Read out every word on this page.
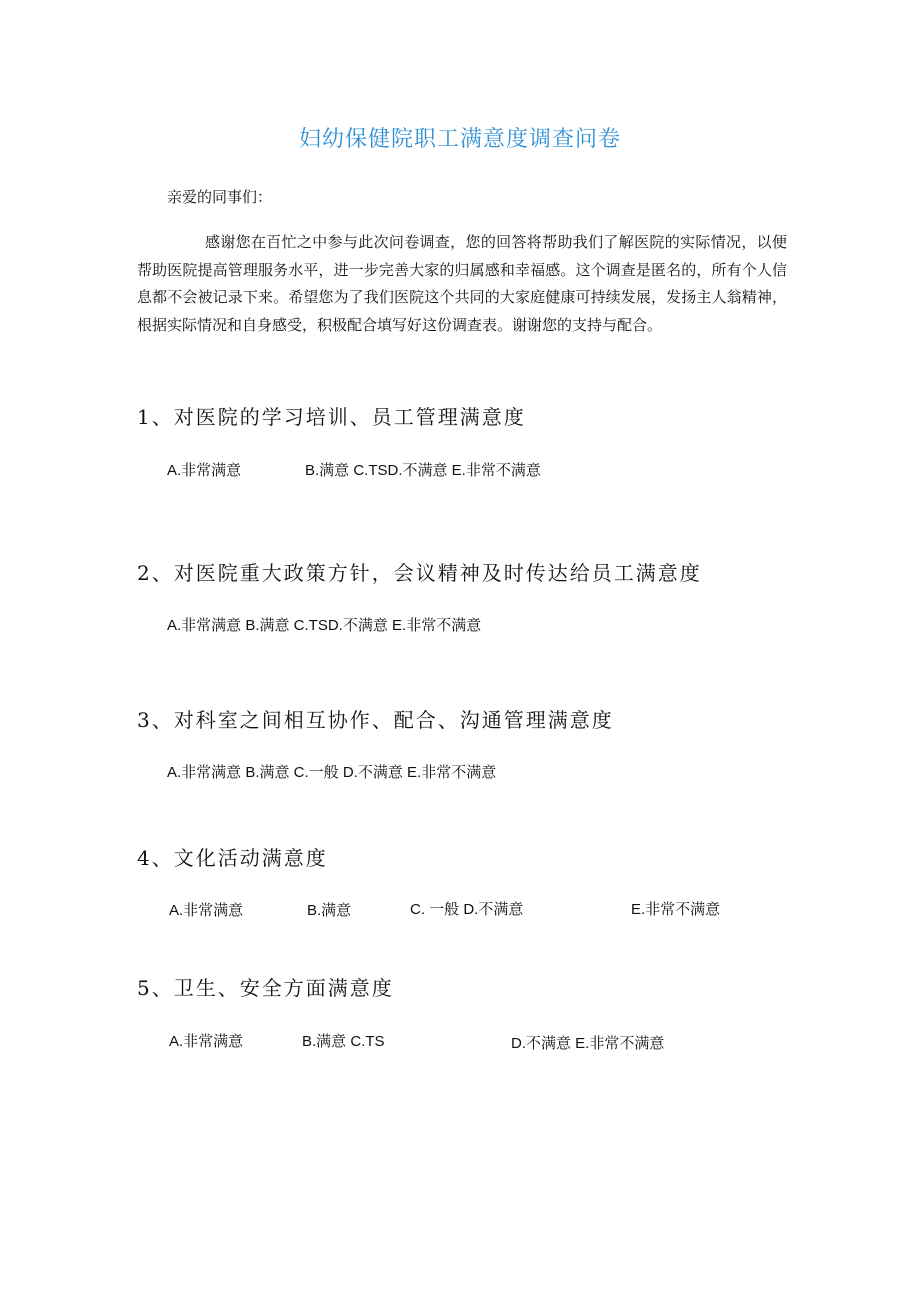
妇幼保健院职工满意度调查问卷
亲爱的同事们：

感谢您在百忙之中参与此次问卷调查，您的回答将帮助我们了解医院的实际情况，以便帮助医院提高管理服务水平，进一步完善大家的归属感和幸福感。这个调查是匿名的，所有个人信息都不会被记录下来。希望您为了我们医院这个共同的大家庭健康可持续发展，发扬主人翁精神，根据实际情况和自身感受，积极配合填写好这份调查表。谢谢您的支持与配合。

1、对医院的学习培训、员工管理满意度
A.非常满意	B.满意 C.TSD.不满意 E.非常不满意
2、对医院重大政策方针，会议精神及时传达给员工满意度
A.非常满意 B.满意 C.TSD.不满意 E.非常不满意
3、对科室之间相互协作、配合、沟通管理满意度
A.非常满意 B.满意 C.一般 D.不满意 E.非常不满意
4、文化活动满意度
A.非常满意	B.满意	C. 一般 D.不满意	E.非常不满意
5、卫生、安全方面满意度
A.非常满意	B.满意 C.TS	D.不满意 E.非常不满意
